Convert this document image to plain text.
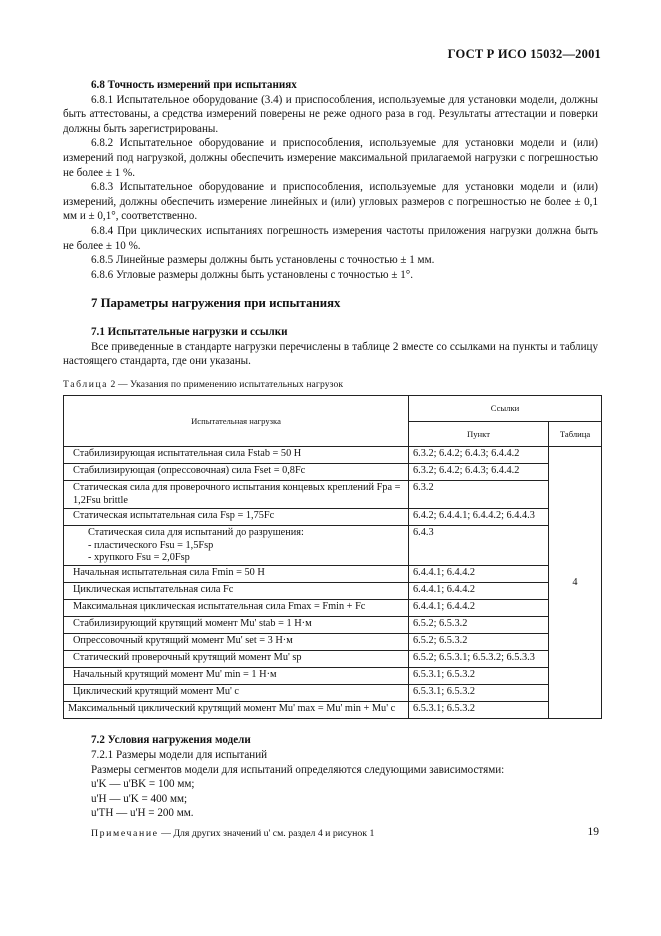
ГОСТ Р ИСО 15032—2001

6.8 Точность измерений при испытаниях

6.8.1 Испытательное оборудование (3.4) и приспособления, используемые для установки модели, должны быть аттестованы, а средства измерений поверены не реже одного раза в год. Результаты аттестации и поверки должны быть зарегистрированы.

6.8.2 Испытательное оборудование и приспособления, используемые для установки модели и (или) измерений под нагрузкой, должны обеспечить измерение максимальной прилагаемой нагрузки с погрешностью не более ± 1 %.

6.8.3 Испытательное оборудование и приспособления, используемые для установки модели и (или) измерений, должны обеспечить измерение линейных и (или) угловых размеров с погрешностью не более ± 0,1 мм и ± 0,1°, соответственно.

6.8.4 При циклических испытаниях погрешность измерения частоты приложения нагрузки должна быть не более ± 10 %.

6.8.5 Линейные размеры должны быть установлены с точностью ± 1 мм.

6.8.6 Угловые размеры должны быть установлены с точностью ± 1°.

7 Параметры нагружения при испытаниях

7.1 Испытательные нагрузки и ссылки

Все приведенные в стандарте нагрузки перечислены в таблице 2 вместе со ссылками на пункты и таблицу настоящего стандарта, где они указаны.

Таблица 2 — Указания по применению испытательных нагрузок

Испытательная нагрузка	Ссылки	
	Пункт	Таблица
Стабилизирующая испытательная сила Fstab = 50 Н	6.3.2; 6.4.2; 6.4.3; 6.4.4.2	4
Стабилизирующая (опрессовочная) сила Fset = 0,8Fc	6.3.2; 6.4.2; 6.4.3; 6.4.4.2	
Статическая сила для проверочного испытания концевых креплений Fpa = 1,2Fsu brittle	6.3.2	
Статическая испытательная сила Fsp = 1,75Fc	6.4.2; 6.4.4.1; 6.4.4.2; 6.4.4.3	

Статическая сила для испытаний до разрушения:
- пластического Fsu = 1,5Fsp
- хрупкого Fsu = 2,0Fsp	6.4.3	
Начальная испытательная сила Fmin = 50 Н	6.4.4.1; 6.4.4.2	
Циклическая испытательная сила Fc	6.4.4.1; 6.4.4.2	
Максимальная циклическая испытательная сила Fmax = Fmin + Fc	6.4.4.1; 6.4.4.2	
Стабилизирующий крутящий момент Mu' stab = 1 Н·м	6.5.2; 6.5.3.2	
Опрессовочный крутящий момент Mu' set = 3 Н·м	6.5.2; 6.5.3.2	
Статический проверочный крутящий момент Mu' sp	6.5.2; 6.5.3.1; 6.5.3.2; 6.5.3.3	
Начальный крутящий момент Mu' min = 1 Н·м	6.5.3.1; 6.5.3.2	
Циклический крутящий момент Mu' c	6.5.3.1; 6.5.3.2	
Максимальный циклический крутящий момент Mu' max = Mu' min + Mu' c	6.5.3.1; 6.5.3.2	

7.2 Условия нагружения модели

7.2.1 Размеры модели для испытаний
Размеры сегментов модели для испытаний определяются следующими зависимостями:
u'K — u'BK = 100 мм;
u'H — u'K = 400 мм;
u'TH — u'H = 200 мм.
Примечание — Для других значений u' см. раздел 4 и рисунок 1	19
